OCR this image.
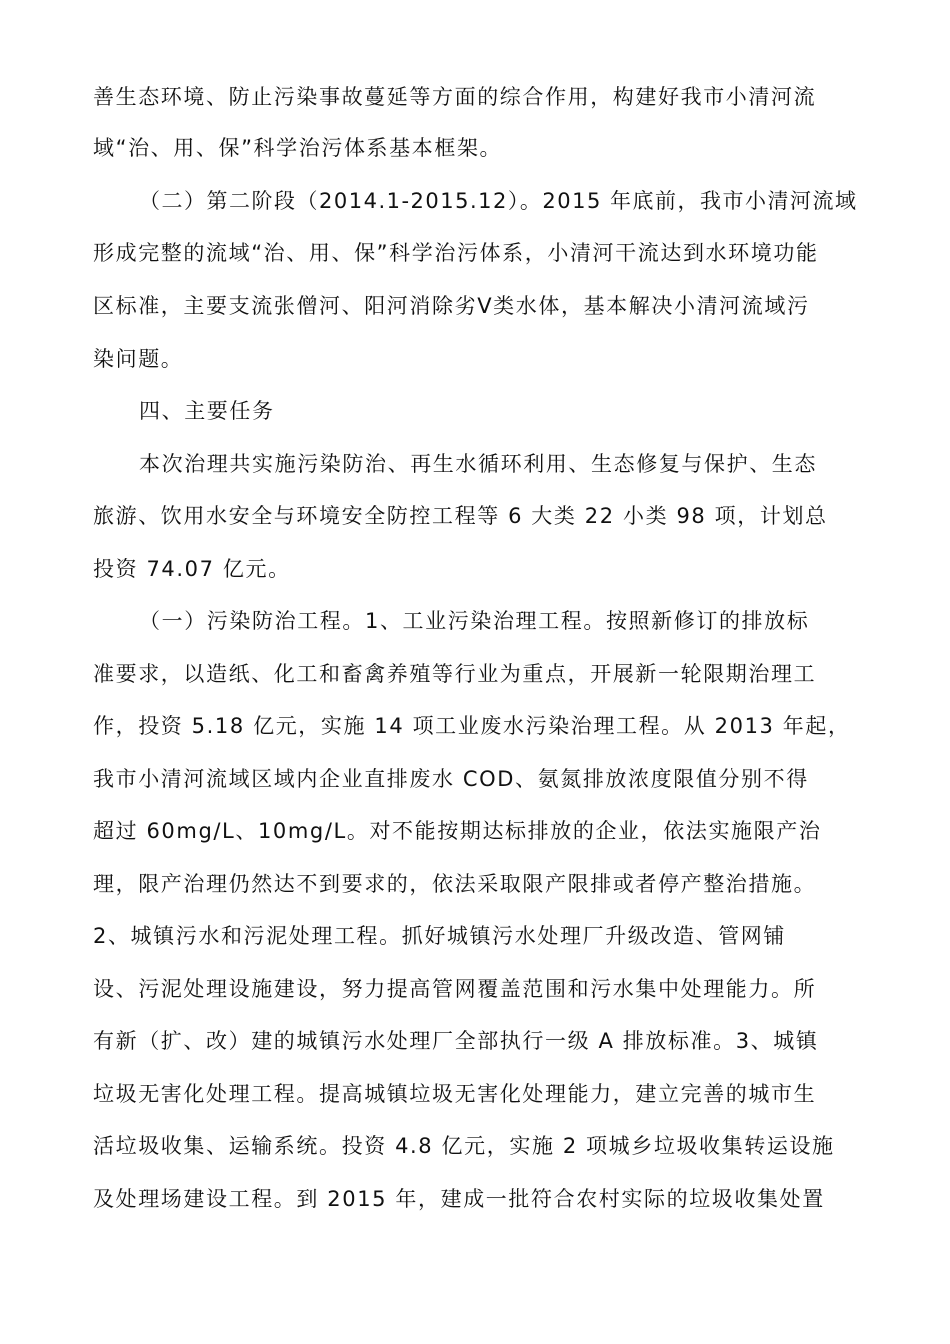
善生态环境、防止污染事故蔓延等方面的综合作用，构建好我市小清河流
域“治、用、保”科学治污体系基本框架。
（二）第二阶段（2014.1-2015.12）。2015 年底前，我市小清河流域
形成完整的流域“治、用、保”科学治污体系，小清河干流达到水环境功能
区标准，主要支流张僧河、阳河消除劣Ⅴ类水体，基本解决小清河流域污
染问题。
四、主要任务
本次治理共实施污染防治、再生水循环利用、生态修复与保护、生态
旅游、饮用水安全与环境安全防控工程等 6 大类 22 小类 98 项，计划总
投资 74.07 亿元。
（一）污染防治工程。1、工业污染治理工程。按照新修订的排放标
准要求，以造纸、化工和畜禽养殖等行业为重点，开展新一轮限期治理工
作，投资 5.18 亿元，实施 14 项工业废水污染治理工程。从 2013 年起，
我市小清河流域区域内企业直排废水 COD、氨氮排放浓度限值分别不得
超过 60mg/L、10mg/L。对不能按期达标排放的企业，依法实施限产治
理，限产治理仍然达不到要求的，依法采取限产限排或者停产整治措施。
2、城镇污水和污泥处理工程。抓好城镇污水处理厂升级改造、管网铺
设、污泥处理设施建设，努力提高管网覆盖范围和污水集中处理能力。所
有新（扩、改）建的城镇污水处理厂全部执行一级 A 排放标准。3、城镇
垃圾无害化处理工程。提高城镇垃圾无害化处理能力，建立完善的城市生
活垃圾收集、运输系统。投资 4.8 亿元，实施 2 项城乡垃圾收集转运设施
及处理场建设工程。到 2015 年，建成一批符合农村实际的垃圾收集处置
